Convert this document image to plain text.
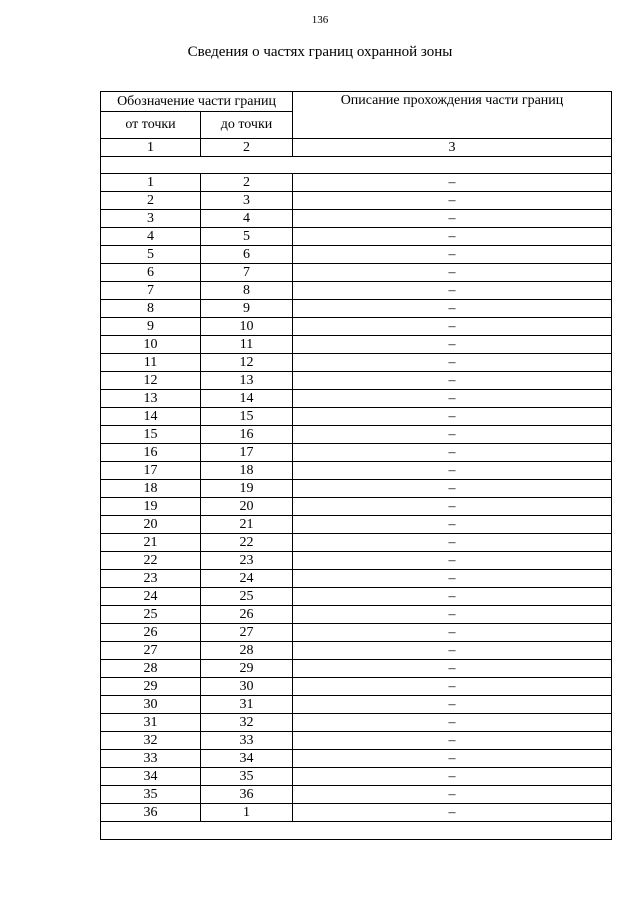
136
Сведения о частях границ охранной зоны
Обозначение части границ		Описание прохождения части границ
от точки	до точки	
1	2	3

1	2	–
2	3	–
3	4	–
4	5	–
5	6	–
6	7	–
7	8	–
8	9	–
9	10	–
10	11	–
11	12	–
12	13	–
13	14	–
14	15	–
15	16	–
16	17	–
17	18	–
18	19	–
19	20	–
20	21	–
21	22	–
22	23	–
23	24	–
24	25	–
25	26	–
26	27	–
27	28	–
28	29	–
29	30	–
30	31	–
31	32	–
32	33	–
33	34	–
34	35	–
35	36	–
36	1	–
